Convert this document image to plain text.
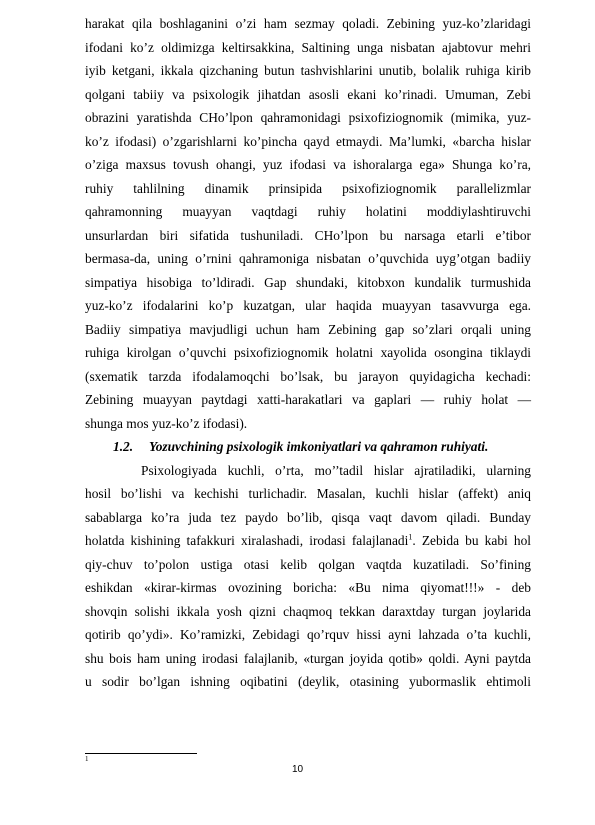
harakat qila boshlaganini o’zi ham sezmay qoladi. Zebining yuz-ko’zlaridagi
ifodani ko’z oldimizga keltirsakkina, Saltining unga nisbatan ajabtovur mehri
iyib ketgani, ikkala qizchaning butun tashvishlarini unutib, bolalik ruhiga kirib
qolgani tabiiy va psixologik jihatdan asosli ekani ko’rinadi. Umuman, Zebi
obrazini yaratishda CHo’lpon qahramonidagi psixofiziognomik (mimika, yuz-
ko’z ifodasi) o’zgarishlarni ko’pincha qayd etmaydi. Ma’lumki, «barcha hislar
o’ziga maxsus tovush ohangi, yuz ifodasi va ishoralarga ega» Shunga ko’ra,
ruhiy tahlilning dinamik prinsipida psixofiziognomik parallelizmlar
qahramonning muayyan vaqtdagi ruhiy holatini moddiylashtiruvchi
unsurlardan biri sifatida tushuniladi. CHo’lpon bu narsaga etarli e’tibor
bermasa-da, uning o’rnini qahramoniga nisbatan o’quvchida uyg’otgan badiiy
simpatiya hisobiga to’ldiradi. Gap shundaki, kitobxon kundalik turmushida
yuz-ko’z ifodalarini ko’p kuzatgan, ular haqida muayyan tasavvurga ega.
Badiiy simpatiya mavjudligi uchun ham Zebining gap so’zlari orqali uning
ruhiga kirolgan o’quvchi psixofiziognomik holatni xayolida osongina tiklaydi
(sxematik tarzda ifodalamoqchi bo’lsak, bu jarayon quyidagicha kechadi:
Zebining muayyan paytdagi xatti-harakatlari va gaplari — ruhiy holat —
shunga mos yuz-ko’z ifodasi).
1.2. Yozuvchining psixologik imkoniyatlari va qahramon ruhiyati.
Psixologiyada kuchli, o’rta, mo’’tadil hislar ajratiladiki, ularning
hosil bo’lishi va kechishi turlichadir. Masalan, kuchli hislar (affekt) aniq
sabablarga ko’ra juda tez paydo bo’lib, qisqa vaqt davom qiladi. Bunday
holatda kishining tafakkuri xiralashadi, irodasi falajlanadi$^1$. Zebida bu kabi hol
qiy-chuv to’polon ustiga otasi kelib qolgan vaqtda kuzatiladi. So’fining
eshikdan «kirar-kirmas ovozining boricha: «Bu nima qiyomat!!!» - deb
shovqin solishi ikkala yosh qizni chaqmoq tekkan daraxtday turgan joylarida
qotirib qo’ydi». Ko’ramizki, Zebidagi qo’rquv hissi ayni lahzada o’ta kuchli,
shu bois ham uning irodasi falajlanib, «turgan joyida qotib» qoldi. Ayni paytda
u sodir bo’lgan ishning oqibatini (deylik, otasining yubormaslik ehtimoli
1
10
